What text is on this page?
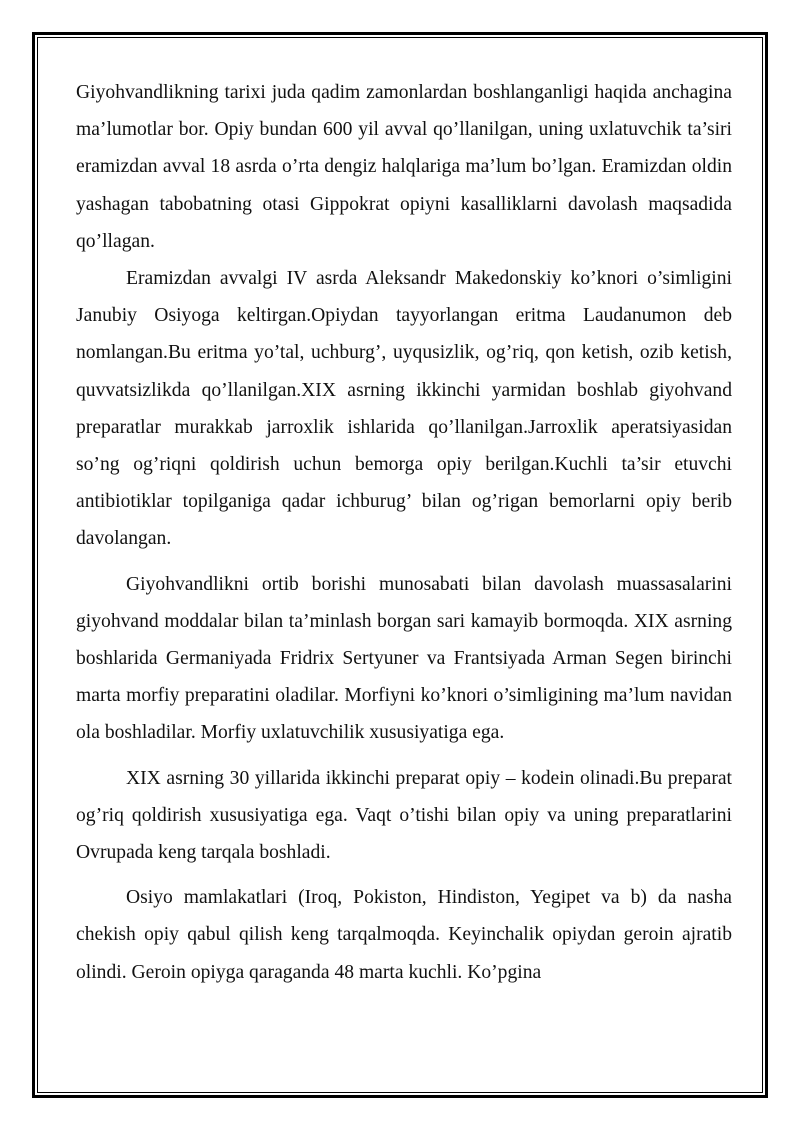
Giyohvandlikning tarixi juda qadim zamonlardan boshlanganligi haqida anchagina ma’lumotlar bor. Opiy bundan 600 yil avval qo’llanilgan, uning uxlatuvchik ta’siri eramizdan avval 18 asrda o’rta dengiz halqlariga ma’lum bo’lgan. Eramizdan oldin yashagan tabobatning otasi Gippokrat opiyni kasalliklarni davolash maqsadida qo’llagan.

Eramizdan avvalgi IV asrda Aleksandr Makedonskiy ko’knori o’simligini Janubiy Osiyoga keltirgan.Opiydan tayyorlangan eritma Laudanumon deb nomlangan.Bu eritma yo’tal, uchburg’, uyqusizlik, og’riq, qon ketish, ozib ketish, quvvatsizlikda qo’llanilgan.XIX asrning ikkinchi yarmidan boshlab giyohvand preparatlar murakkab jarroxlik ishlarida qo’llanilgan.Jarroxlik aperatsiyasidan so’ng og’riqni qoldirish uchun bemorga opiy berilgan.Kuchli ta’sir etuvchi antibiotiklar topilganiga qadar ichburug’ bilan og’rigan bemorlarni opiy berib davolangan.

Giyohvandlikni ortib borishi munosabati bilan davolash muassasalarini giyohvand moddalar bilan ta’minlash borgan sari kamayib bormoqda. XIX asrning boshlarida Germaniyada Fridrix Sertyuner va Frantsiyada Arman Segen birinchi marta morfiy preparatini oladilar. Morfiyni ko’knori o’simligining ma’lum navidan ola boshladilar. Morfiy uxlatuvchilik xususiyatiga ega.

XIX asrning 30 yillarida ikkinchi preparat opiy – kodein olinadi.Bu preparat og’riq qoldirish xususiyatiga ega. Vaqt o’tishi bilan opiy va uning preparatlarini Ovrupada keng tarqala boshladi.

Osiyo mamlakatlari (Iroq, Pokiston, Hindiston, Yegipet va b) da nasha chekish opiy qabul qilish keng tarqalmoqda. Keyinchalik opiydan geroin ajratib olindi. Geroin opiyga qaraganda 48 marta kuchli. Ko’pgina
